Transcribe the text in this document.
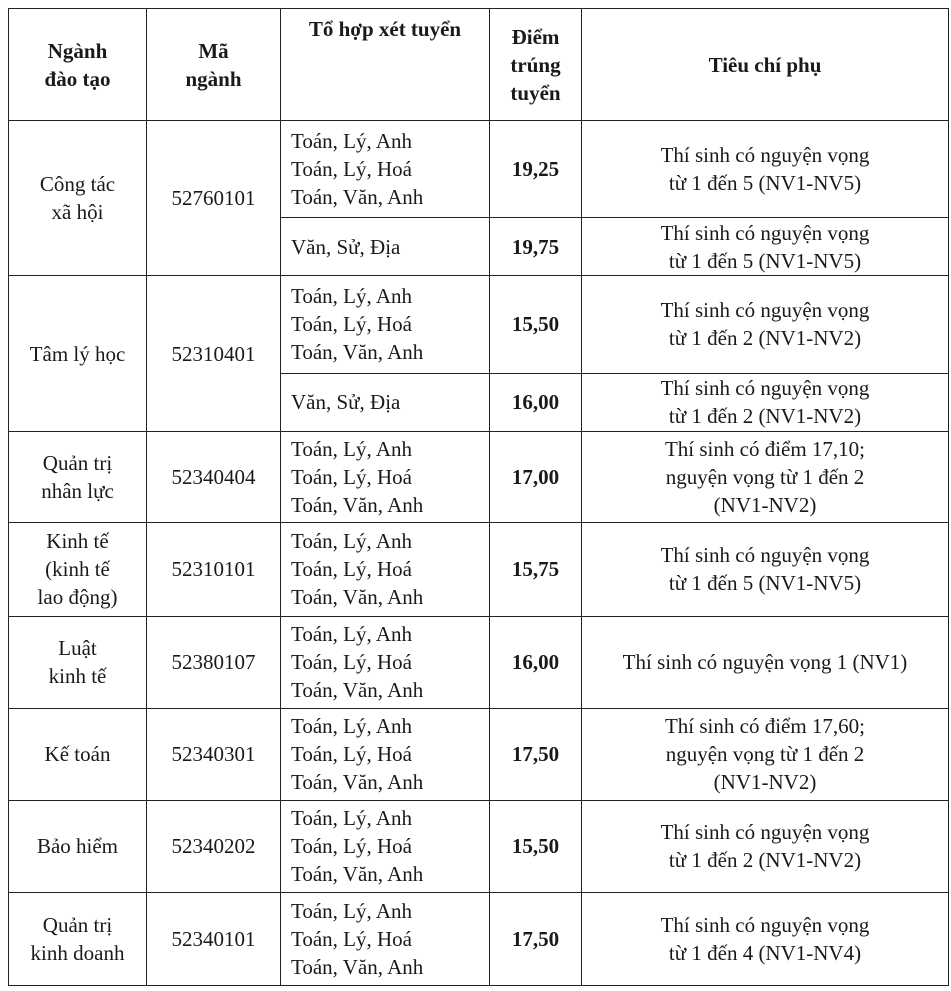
Ngành
đào tạo	Mã
ngành	Tổ hợp xét tuyển	Điểm
trúng
tuyển	Tiêu chí phụ

Công tác
xã hội	52760101	Toán, Lý, Anh
Toán, Lý, Hoá
Toán, Văn, Anh	19,25	Thí sinh có nguyện vọng
từ 1 đến 5 (NV1-NV5)

		Văn, Sử, Địa	19,75	Thí sinh có nguyện vọng
từ 1 đến 5 (NV1-NV5)

Tâm lý học	52310401	Toán, Lý, Anh
Toán, Lý, Hoá
Toán, Văn, Anh	15,50	Thí sinh có nguyện vọng
từ 1 đến 2 (NV1-NV2)

		Văn, Sử, Địa	16,00	Thí sinh có nguyện vọng
từ 1 đến 2 (NV1-NV2)

Quản trị
nhân lực	52340404	Toán, Lý, Anh
Toán, Lý, Hoá
Toán, Văn, Anh	17,00	Thí sinh có điểm 17,10;
nguyện vọng từ 1 đến 2
(NV1-NV2)

Kinh tế
(kinh tế
lao động)	52310101	Toán, Lý, Anh
Toán, Lý, Hoá
Toán, Văn, Anh	15,75	Thí sinh có nguyện vọng
từ 1 đến 5 (NV1-NV5)

Luật
kinh tế	52380107	Toán, Lý, Anh
Toán, Lý, Hoá
Toán, Văn, Anh	16,00	Thí sinh có nguyện vọng 1 (NV1)

Kế toán	52340301	Toán, Lý, Anh
Toán, Lý, Hoá
Toán, Văn, Anh	17,50	Thí sinh có điểm 17,60;
nguyện vọng từ 1 đến 2
(NV1-NV2)

Bảo hiểm	52340202	Toán, Lý, Anh
Toán, Lý, Hoá
Toán, Văn, Anh	15,50	Thí sinh có nguyện vọng
từ 1 đến 2 (NV1-NV2)

Quản trị
kinh doanh	52340101	Toán, Lý, Anh
Toán, Lý, Hoá
Toán, Văn, Anh	17,50	Thí sinh có nguyện vọng
từ 1 đến 4 (NV1-NV4)
